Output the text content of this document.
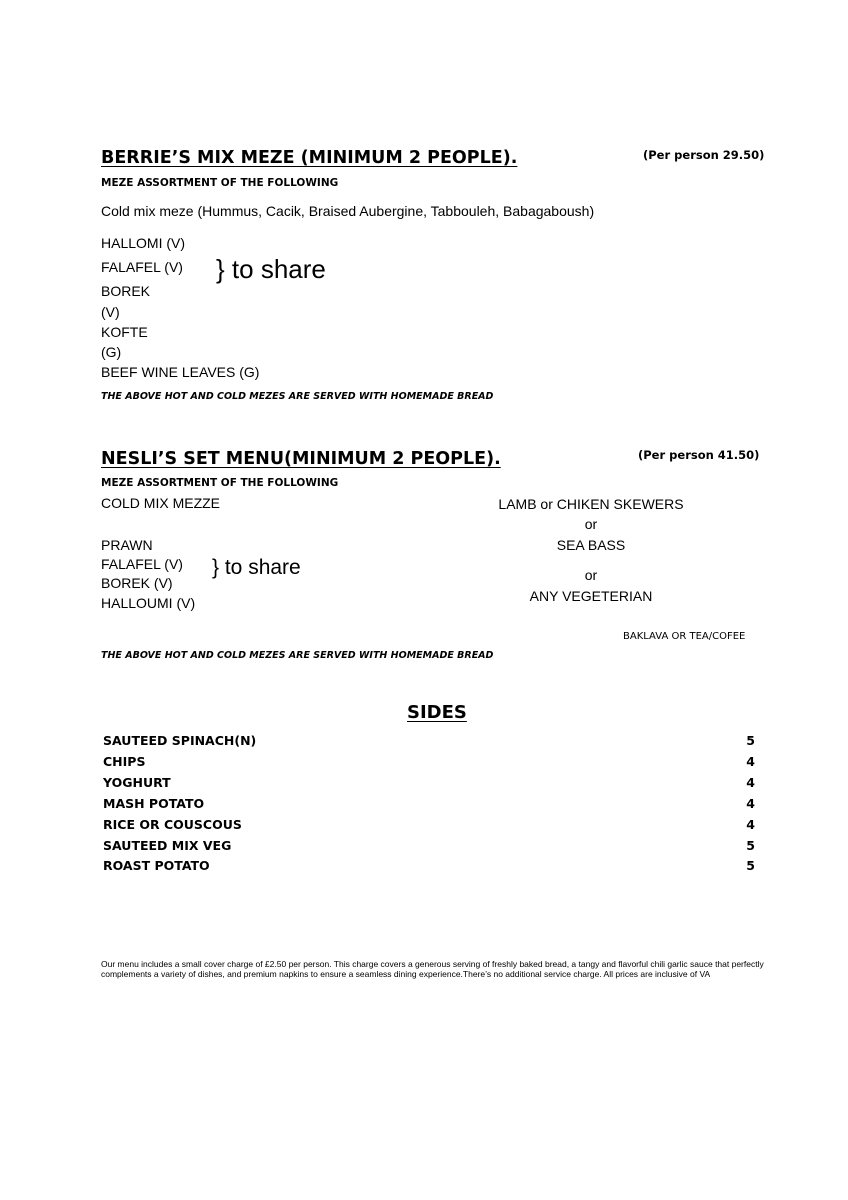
BERRIE’S MIX MEZE (MINIMUM 2 PEOPLE).	(Per person 29.50)
MEZE ASSORTMENT OF THE FOLLOWING
Cold mix meze (Hummus, Cacik, Braised Aubergine, Tabbouleh, Babagaboush)
HALLOMI (V)
FALAFEL (V)
BOREK
(V)
KOFTE
(G)
BEEF WINE LEAVES (G)
} to share
THE ABOVE HOT AND COLD MEZES ARE SERVED WITH HOMEMADE BREAD
NESLI’S SET MENU(MINIMUM 2 PEOPLE).	(Per person 41.50)
MEZE ASSORTMENT OF THE FOLLOWING
COLD MIX MEZZE
PRAWN
FALAFEL (V)
BOREK (V)
HALLOUMI (V)
} to share
LAMB or CHIKEN SKEWERS
or
SEA BASS
or
ANY VEGETERIAN
BAKLAVA OR TEA/COFEE
THE ABOVE HOT AND COLD MEZES ARE SERVED WITH HOMEMADE BREAD
SIDES
SAUTEED SPINACH(N)	5
CHIPS	4
YOGHURT	4
MASH POTATO	4
RICE OR COUSCOUS	4
SAUTEED MIX VEG	5
ROAST POTATO	5
Our menu includes a small cover charge of £2.50 per person. This charge covers a generous serving of freshly baked bread, a tangy and flavorful chili garlic sauce that perfectly complements a variety of dishes, and premium napkins to ensure a seamless dining experience.There’s no additional service charge. All prices are inclusive of VA
